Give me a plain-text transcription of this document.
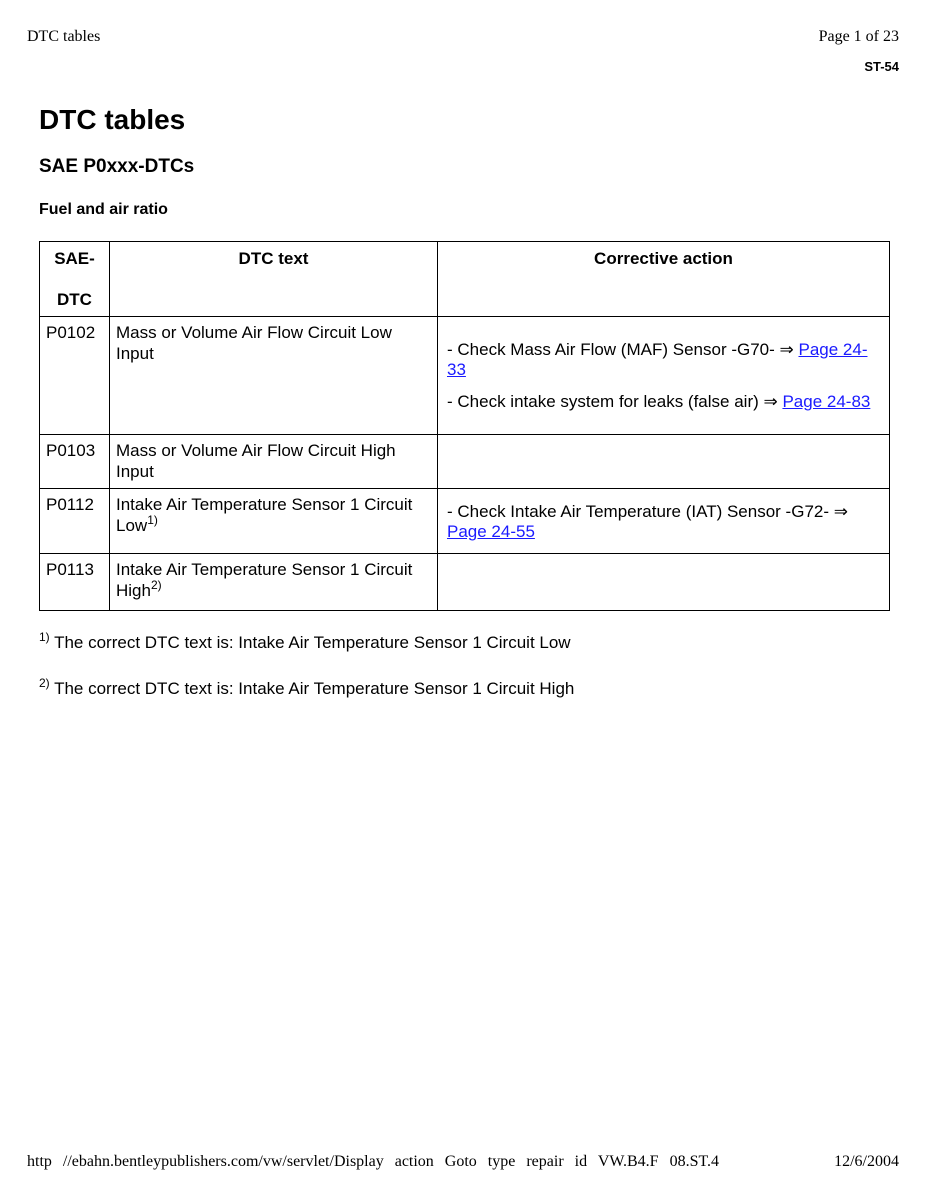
DTC tables	Page 1 of 23
ST-54
DTC tables
SAE P0xxx-DTCs
Fuel and air ratio
SAE-
DTC	DTC text	Corrective action
P0102	Mass or Volume Air Flow Circuit Low Input	- Check Mass Air Flow (MAF) Sensor -G70- ⇒ Page 24-33

- Check intake system for leaks (false air) ⇒ Page 24-83

P0103	Mass or Volume Air Flow Circuit High Input	
P0112	Intake Air Temperature Sensor 1 Circuit Low$^{1)}$	- Check Intake Air Temperature (IAT) Sensor -G72- ⇒ Page 24-55

P0113	Intake Air Temperature Sensor 1 Circuit High$^{2)}$	
$^{1)}$ The correct DTC text is: Intake Air Temperature Sensor 1 Circuit Low
$^{2)}$ The correct DTC text is: Intake Air Temperature Sensor 1 Circuit High
http //ebahn.bentleypublishers.com/vw/servlet/Display action Goto type repair id VW.B4.F 08.ST.4	12/6/2004
